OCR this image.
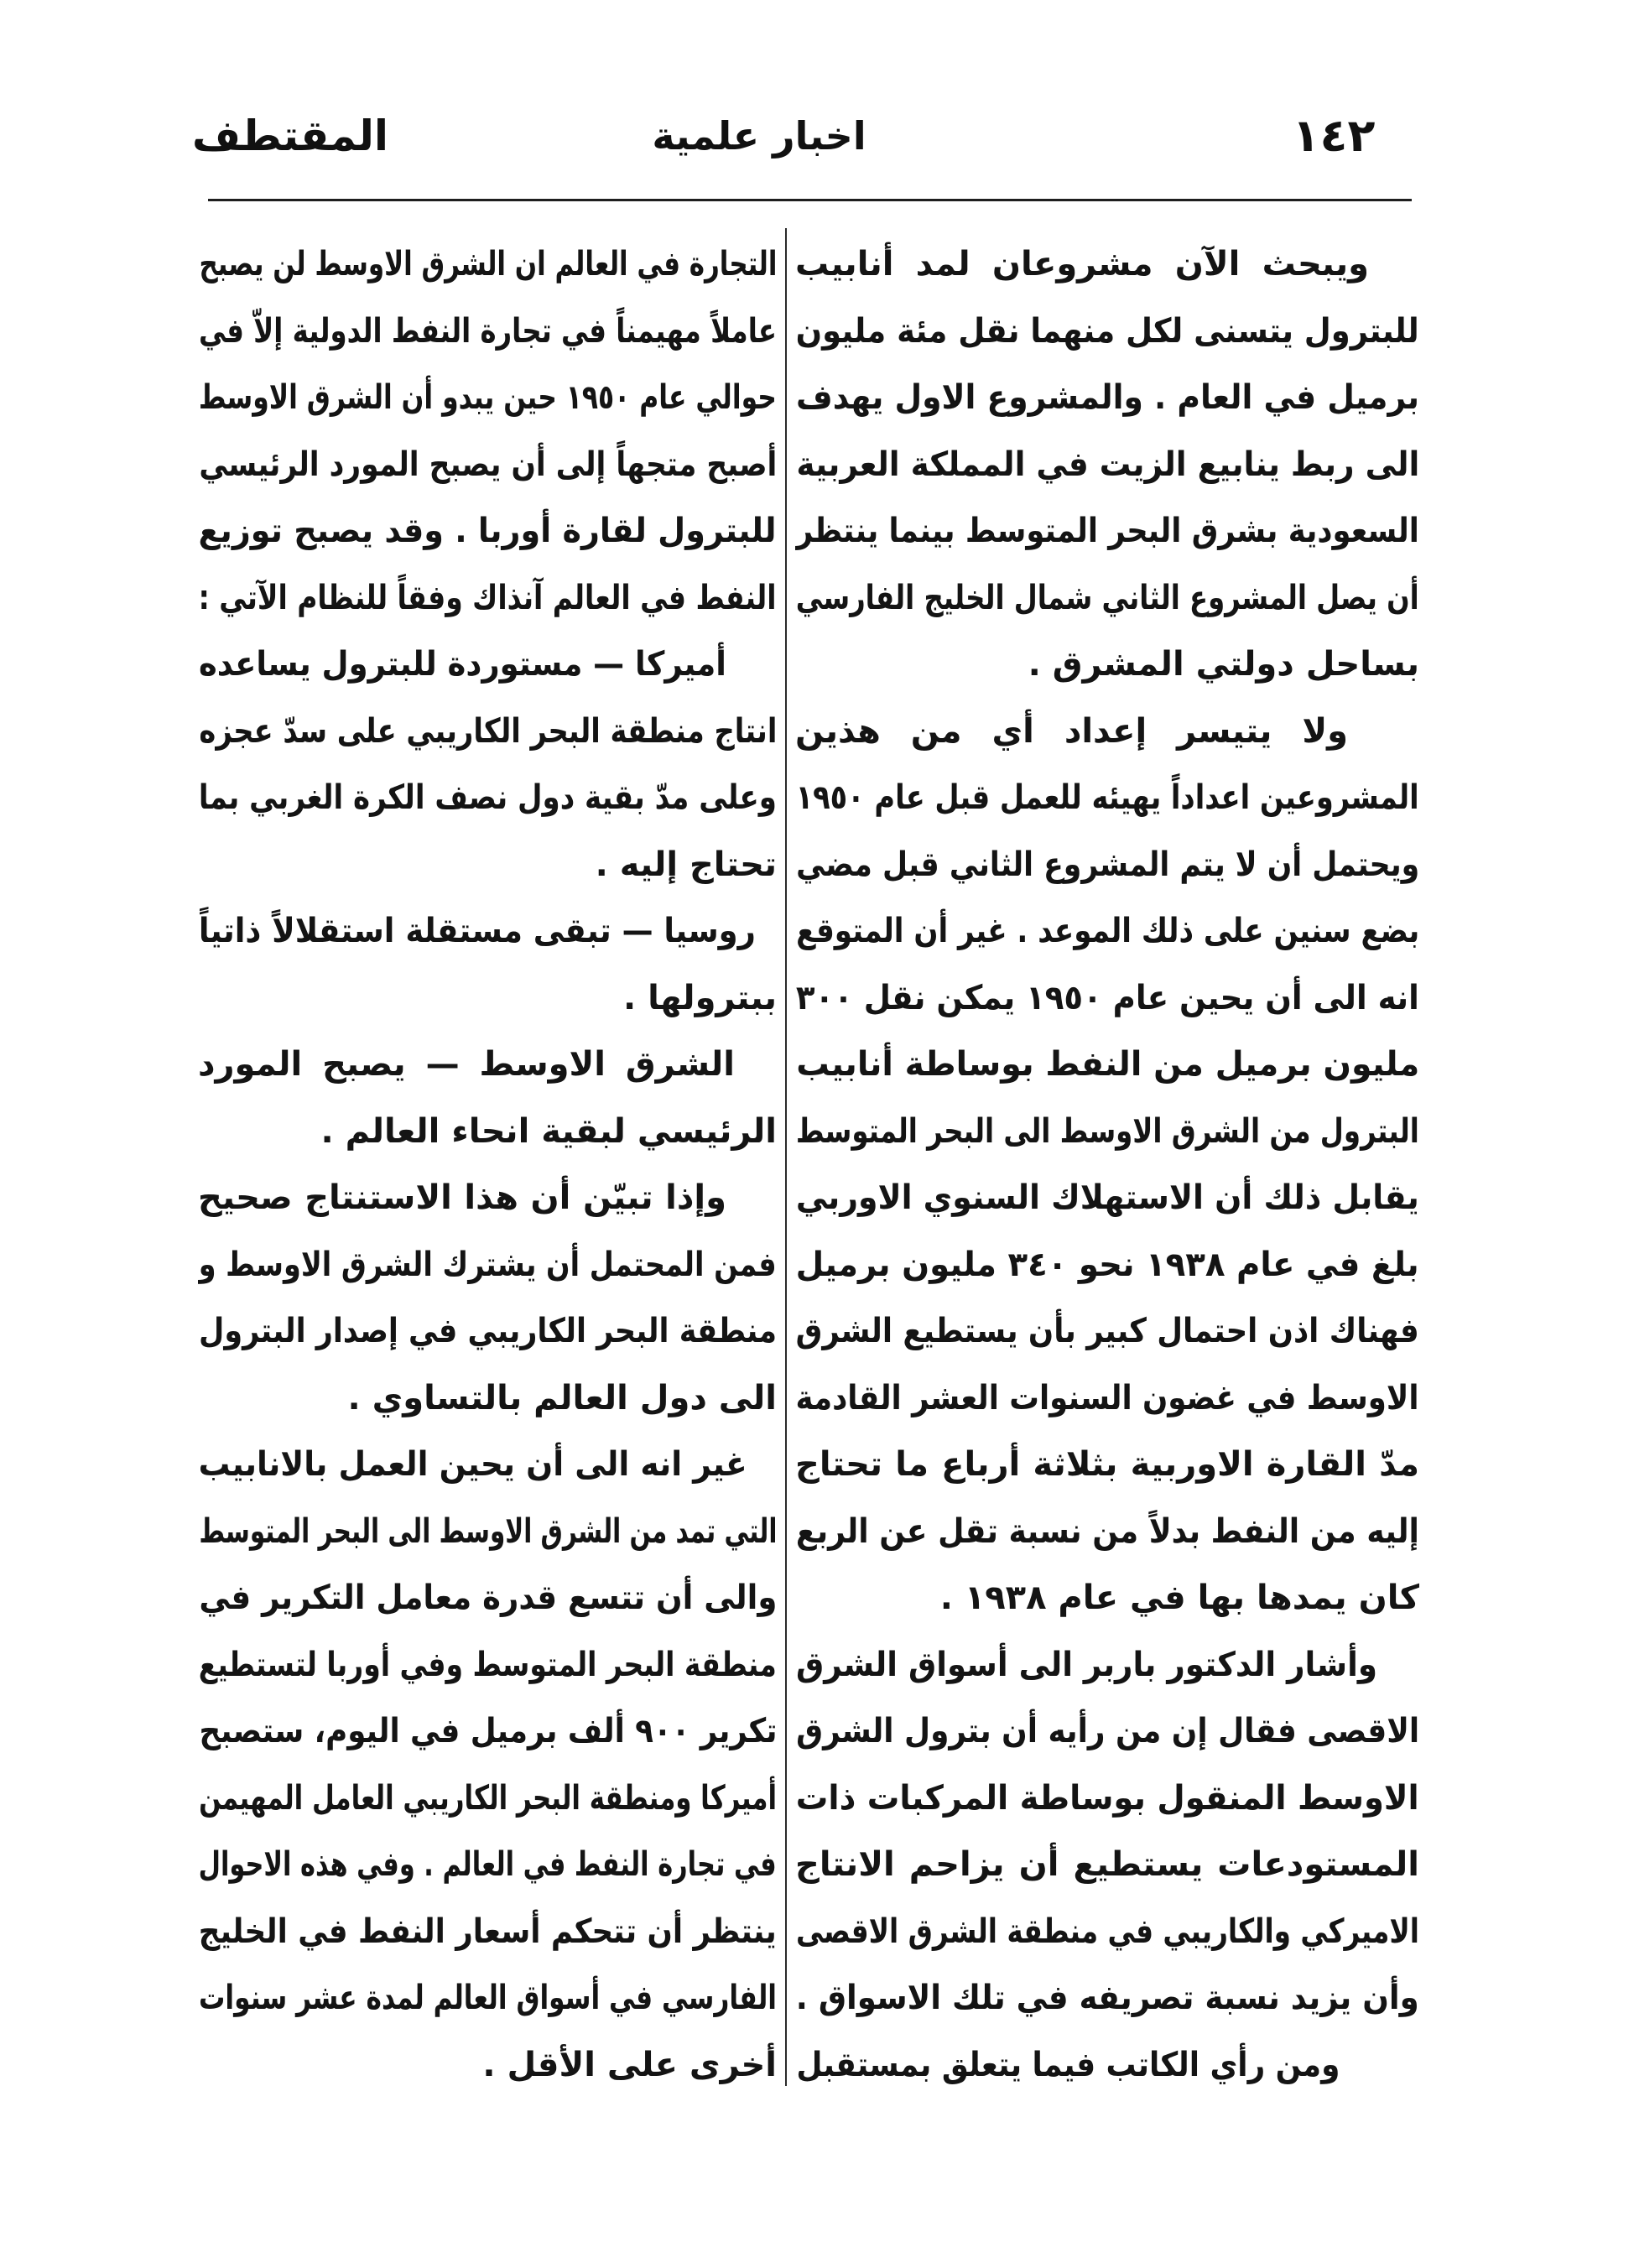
المقتطف	اخبار علمية	١٤٢
ويبحث الآن مشروعان لمد أنابيب
للبترول يتسنى لكل منهما نقل مئة مليون
برميل في العام . والمشروع الاول يهدف
الى ربط ينابيع الزيت في المملكة العربية
السعودية بشرق البحر المتوسط بينما ينتظر
أن يصل المشروع الثاني شمال الخليج الفارسي
بساحل دولتي المشرق .
ولا يتيسر إعداد أي من هذين
المشروعين اعداداً يهيئه للعمل قبل عام ١٩٥٠
ويحتمل أن لا يتم المشروع الثاني قبل مضي
بضع سنين على ذلك الموعد . غير أن المتوقع
انه الى أن يحين عام ١٩٥٠ يمكن نقل ٣٠٠
مليون برميل من النفط بوساطة أنابيب
البترول من الشرق الاوسط الى البحر المتوسط
يقابل ذلك أن الاستهلاك السنوي الاوربي
بلغ في عام ١٩٣٨ نحو ٣٤٠ مليون برميل
فهناك اذن احتمال كبير بأن يستطيع الشرق
الاوسط في غضون السنوات العشر القادمة
مدّ القارة الاوربية بثلاثة أرباع ما تحتاج
إليه من النفط بدلاً من نسبة تقل عن الربع
كان يمدها بها في عام ١٩٣٨ .
وأشار الدكتور باربر الى أسواق الشرق
الاقصى فقال إن من رأيه أن بترول الشرق
الاوسط المنقول بوساطة المركبات ذات
المستودعات يستطيع أن يزاحم الانتاج
الاميركي والكاريبي في منطقة الشرق الاقصى
وأن يزيد نسبة تصريفه في تلك الاسواق .
ومن رأي الكاتب فيما يتعلق بمستقبل
التجارة في العالم ان الشرق الاوسط لن يصبح
عاملاً مهيمناً في تجارة النفط الدولية إلاّ في
حوالي عام ١٩٥٠ حين يبدو أن الشرق الاوسط
أصبح متجهاً إلى أن يصبح المورد الرئيسي
للبترول لقارة أوربا . وقد يصبح توزيع
النفط في العالم آنذاك وفقاً للنظام الآتي :
أميركا — مستوردة للبترول يساعده
انتاج منطقة البحر الكاريبي على سدّ عجزه
وعلى مدّ بقية دول نصف الكرة الغربي بما
تحتاج إليه .
روسيا — تبقى مستقلة استقلالاً ذاتياً
ببترولها .
الشرق الاوسط — يصبح المورد
الرئيسي لبقية انحاء العالم .
وإذا تبيّن أن هذا الاستنتاج صحيح
فمن المحتمل أن يشترك الشرق الاوسط و
منطقة البحر الكاريبي في إصدار البترول
الى دول العالم بالتساوي .
غير انه الى أن يحين العمل بالانابيب
التي تمد من الشرق الاوسط الى البحر المتوسط
والى أن تتسع قدرة معامل التكرير في
منطقة البحر المتوسط وفي أوربا لتستطيع
تكرير ٩٠٠ ألف برميل في اليوم، ستصبح
أميركا ومنطقة البحر الكاريبي العامل المهيمن
في تجارة النفط في العالم . وفي هذه الاحوال
ينتظر أن تتحكم أسعار النفط في الخليج
الفارسي في أسواق العالم لمدة عشر سنوات
أخرى على الأقل .
